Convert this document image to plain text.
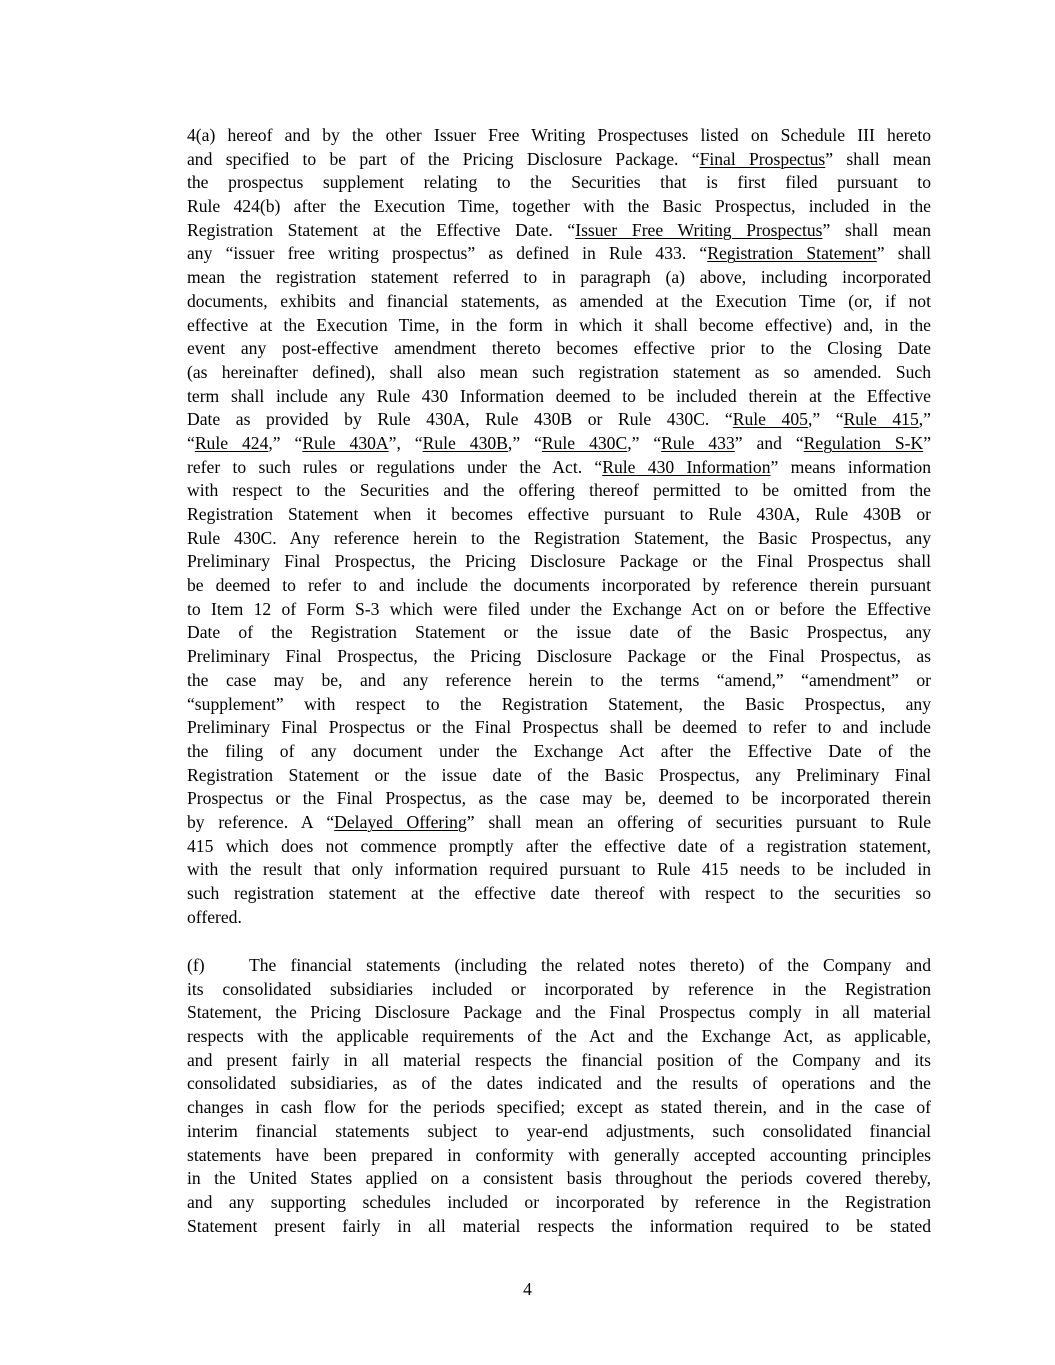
4(a) hereof and by the other Issuer Free Writing Prospectuses listed on Schedule III hereto
and specified to be part of the Pricing Disclosure Package. “Final Prospectus” shall mean
the prospectus supplement relating to the Securities that is first filed pursuant to
Rule 424(b) after the Execution Time, together with the Basic Prospectus, included in the
Registration Statement at the Effective Date. “Issuer Free Writing Prospectus” shall mean
any “issuer free writing prospectus” as defined in Rule 433. “Registration Statement” shall
mean the registration statement referred to in paragraph (a) above, including incorporated
documents, exhibits and financial statements, as amended at the Execution Time (or, if not
effective at the Execution Time, in the form in which it shall become effective) and, in the
event any post-effective amendment thereto becomes effective prior to the Closing Date
(as hereinafter defined), shall also mean such registration statement as so amended. Such
term shall include any Rule 430 Information deemed to be included therein at the Effective
Date as provided by Rule 430A, Rule 430B or Rule 430C. “Rule 405,” “Rule 415,”
“Rule 424,” “Rule 430A”, “Rule 430B,” “Rule 430C,” “Rule 433” and “Regulation S-K”
refer to such rules or regulations under the Act. “Rule 430 Information” means information
with respect to the Securities and the offering thereof permitted to be omitted from the
Registration Statement when it becomes effective pursuant to Rule 430A, Rule 430B or
Rule 430C. Any reference herein to the Registration Statement, the Basic Prospectus, any
Preliminary Final Prospectus, the Pricing Disclosure Package or the Final Prospectus shall
be deemed to refer to and include the documents incorporated by reference therein pursuant
to Item 12 of Form S-3 which were filed under the Exchange Act on or before the Effective
Date of the Registration Statement or the issue date of the Basic Prospectus, any
Preliminary Final Prospectus, the Pricing Disclosure Package or the Final Prospectus, as
the case may be, and any reference herein to the terms “amend,” “amendment” or
“supplement” with respect to the Registration Statement, the Basic Prospectus, any
Preliminary Final Prospectus or the Final Prospectus shall be deemed to refer to and include
the filing of any document under the Exchange Act after the Effective Date of the
Registration Statement or the issue date of the Basic Prospectus, any Preliminary Final
Prospectus or the Final Prospectus, as the case may be, deemed to be incorporated therein
by reference. A “Delayed Offering” shall mean an offering of securities pursuant to Rule
415 which does not commence promptly after the effective date of a registration statement,
with the result that only information required pursuant to Rule 415 needs to be included in
such registration statement at the effective date thereof with respect to the securities so
offered.
(f)	The financial statements (including the related notes thereto) of the Company and
its consolidated subsidiaries included or incorporated by reference in the Registration
Statement, the Pricing Disclosure Package and the Final Prospectus comply in all material
respects with the applicable requirements of the Act and the Exchange Act, as applicable,
and present fairly in all material respects the financial position of the Company and its
consolidated subsidiaries, as of the dates indicated and the results of operations and the
changes in cash flow for the periods specified; except as stated therein, and in the case of
interim financial statements subject to year-end adjustments, such consolidated financial
statements have been prepared in conformity with generally accepted accounting principles
in the United States applied on a consistent basis throughout the periods covered thereby,
and any supporting schedules included or incorporated by reference in the Registration
Statement present fairly in all material respects the information required to be stated
4
